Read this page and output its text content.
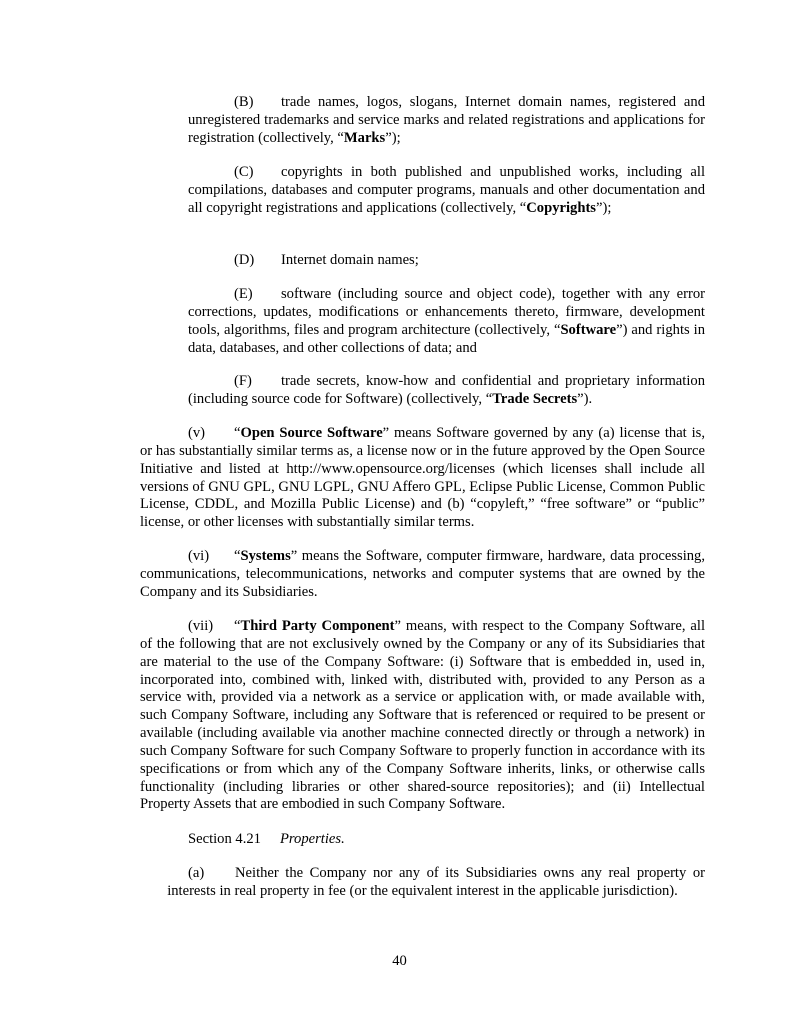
(B) trade names, logos, slogans, Internet domain names, registered and unregistered trademarks and service marks and related registrations and applications for registration (collectively, “Marks”);

(C) copyrights in both published and unpublished works, including all compilations, databases and computer programs, manuals and other documentation and all copyright registrations and applications (collectively, “Copyrights”);

(D) Internet domain names;

(E) software (including source and object code), together with any error corrections, updates, modifications or enhancements thereto, firmware, development tools, algorithms, files and program architecture (collectively, “Software”) and rights in data, databases, and other collections of data; and

(F) trade secrets, know-how and confidential and proprietary information (including source code for Software) (collectively, “Trade Secrets”).

(v) “Open Source Software” means Software governed by any (a) license that is, or has substantially similar terms as, a license now or in the future approved by the Open Source Initiative and listed at http://www.opensource.org/licenses (which licenses shall include all versions of GNU GPL, GNU LGPL, GNU Affero GPL, Eclipse Public License, Common Public License, CDDL, and Mozilla Public License) and (b) “copyleft,” “free software” or “public” license, or other licenses with substantially similar terms.

(vi) “Systems” means the Software, computer firmware, hardware, data processing, communications, telecommunications, networks and computer systems that are owned by the Company and its Subsidiaries.

(vii) “Third Party Component” means, with respect to the Company Software, all of the following that are not exclusively owned by the Company or any of its Subsidiaries that are material to the use of the Company Software: (i) Software that is embedded in, used in, incorporated into, combined with, linked with, distributed with, provided to any Person as a service with, provided via a network as a service or application with, or made available with, such Company Software, including any Software that is referenced or required to be present or available (including available via another machine connected directly or through a network) in such Company Software for such Company Software to properly function in accordance with its specifications or from which any of the Company Software inherits, links, or otherwise calls functionality (including libraries or other shared-source repositories); and (ii) Intellectual Property Assets that are embodied in such Company Software.

Section 4.21 Properties.

(a) Neither the Company nor any of its Subsidiaries owns any real property or

interests in real property in fee (or the equivalent interest in the applicable jurisdiction).

40
